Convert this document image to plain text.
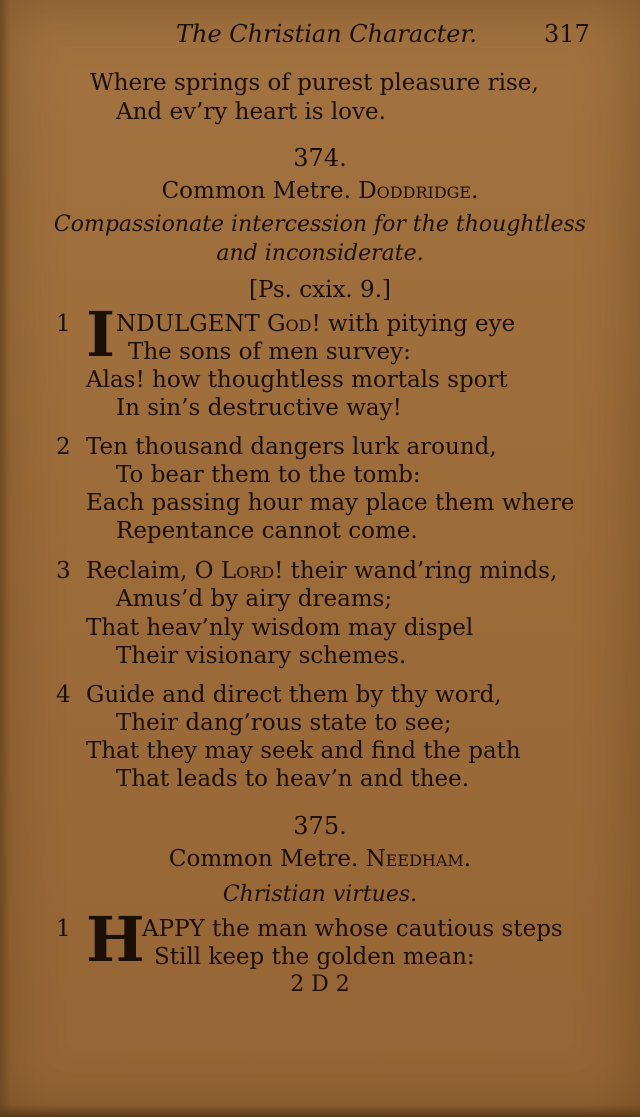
The Christian Character.	317
Where springs of purest pleasure rise,
And ev’ry heart is love.
374.
Common Metre. Doddridge.
Compassionate intercession for the thoughtless
and inconsiderate.
[Ps. cxix. 9.]
1 I NDULGENT God! with pitying eye
The sons of men survey:
Alas! how thoughtless mortals sport
In sin’s destructive way!
2 Ten thousand dangers lurk around,
To bear them to the tomb:
Each passing hour may place them where
Repentance cannot come.
3 Reclaim, O Lord! their wand’ring minds,
Amus’d by airy dreams;
That heav’nly wisdom may dispel
Their visionary schemes.
4 Guide and direct them by thy word,
Their dang’rous state to see;
That they may seek and find the path
That leads to heav’n and thee.
375.
Common Metre. Needham.
Christian virtues.
1 H
APPY the man whose cautious steps
Still keep the golden mean:
2 D 2
